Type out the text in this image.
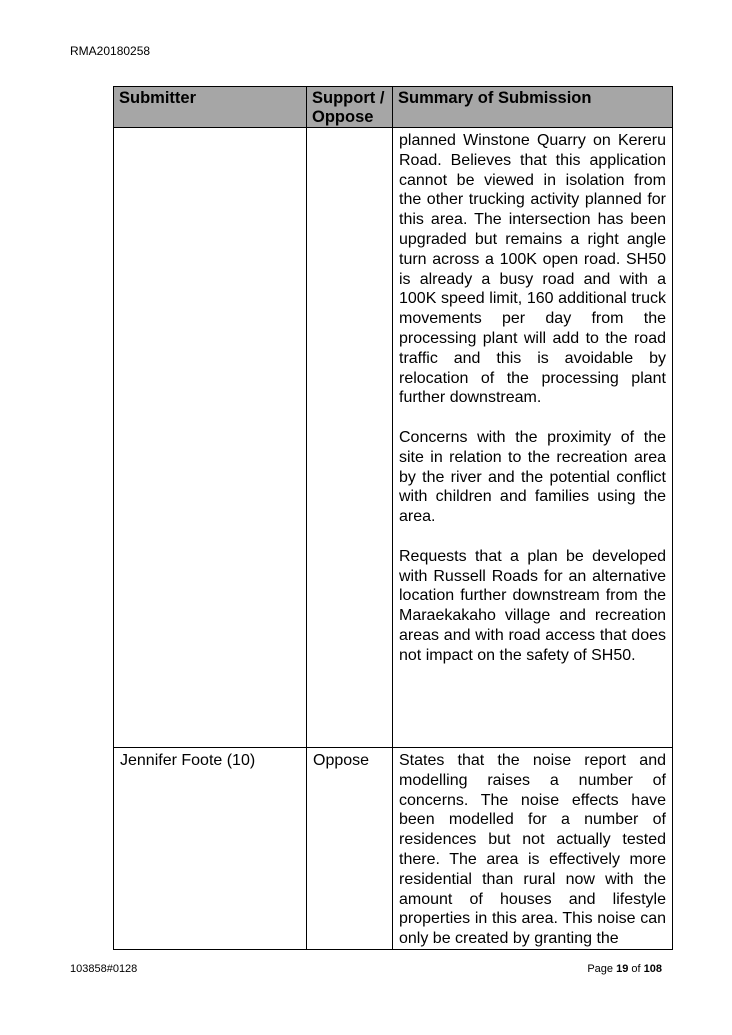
RMA20180258
Submitter	Support / Oppose	Summary of Submission

		planned Winstone Quarry on Kereru Road. Believes that this application cannot be viewed in isolation from the other trucking activity planned for this area. The intersection has been upgraded but remains a right angle turn across a 100K open road. SH50 is already a busy road and with a 100K speed limit, 160 additional truck movements per day from the processing plant will add to the road traffic and this is avoidable by relocation of the processing plant further downstream.

Concerns with the proximity of the site in relation to the recreation area by the river and the potential conflict with children and families using the area.

Requests that a plan be developed with Russell Roads for an alternative location further downstream from the Maraekakaho village and recreation areas and with road access that does not impact on the safety of SH50.

Jennifer Foote (10)	Oppose	States that the noise report and modelling raises a number of concerns. The noise effects have been modelled for a number of residences but not actually tested there. The area is effectively more residential than rural now with the amount of houses and lifestyle properties in this area. This noise can only be created by granting the

103858#0128	Page 19 of 108
